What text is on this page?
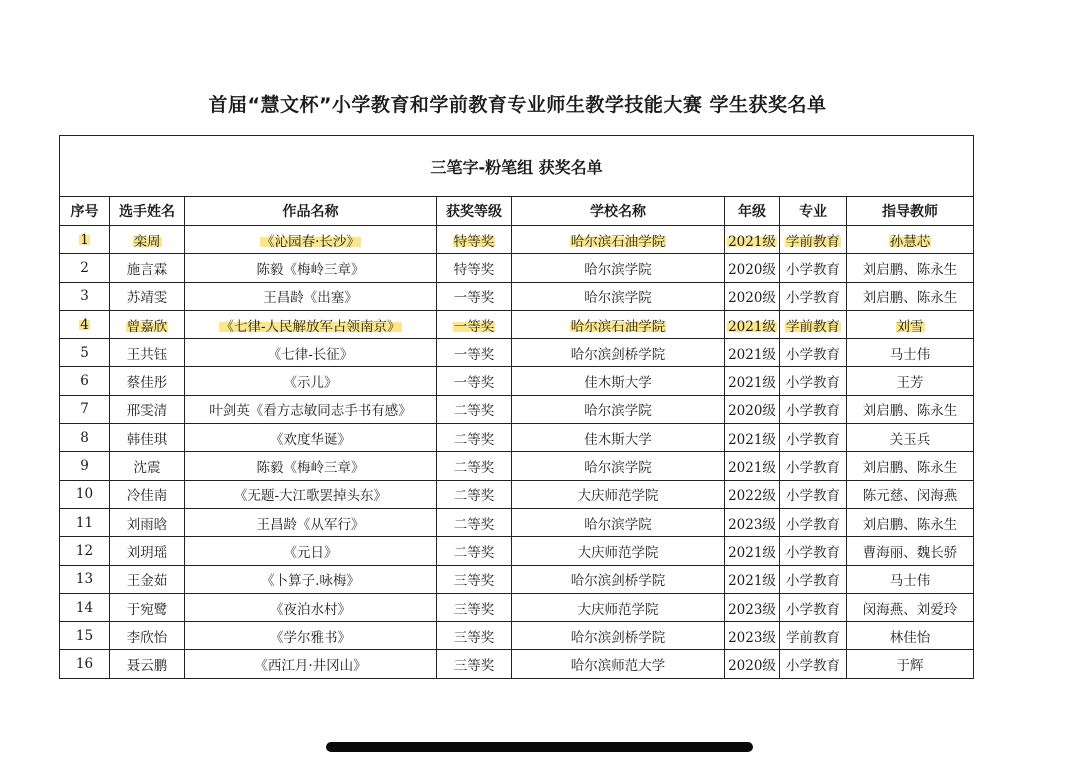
首届“慧文杯”小学教育和学前教育专业师生教学技能大赛 学生获奖名单
三笔字-粉笔组 获奖名单							
序号	选手姓名	作品名称	获奖等级	学校名称	年级	专业	指导教师
1	栾周	《沁园春·长沙》	特等奖	哈尔滨石油学院	2021级	学前教育	孙慧芯
2	施言霖	陈毅《梅岭三章》	特等奖	哈尔滨学院	2020级	小学教育	刘启鹏、陈永生
3	苏靖雯	王昌龄《出塞》	一等奖	哈尔滨学院	2020级	小学教育	刘启鹏、陈永生
4	曾嘉欣	《七律-人民解放军占领南京》	一等奖	哈尔滨石油学院	2021级	学前教育	刘雪
5	王共钰	《七律-长征》	一等奖	哈尔滨剑桥学院	2021级	小学教育	马士伟
6	蔡佳彤	《示儿》	一等奖	佳木斯大学	2021级	小学教育	王芳
7	邢雯清	叶剑英《看方志敏同志手书有感》	二等奖	哈尔滨学院	2020级	小学教育	刘启鹏、陈永生
8	韩佳琪	《欢度华诞》	二等奖	佳木斯大学	2021级	小学教育	关玉兵
9	沈震	陈毅《梅岭三章》	二等奖	哈尔滨学院	2021级	小学教育	刘启鹏、陈永生
10	冷佳南	《无题-大江歌罢掉头东》	二等奖	大庆师范学院	2022级	小学教育	陈元慈、闵海燕
11	刘雨晗	王昌龄《从军行》	二等奖	哈尔滨学院	2023级	小学教育	刘启鹏、陈永生
12	刘玥瑶	《元日》	二等奖	大庆师范学院	2021级	小学教育	曹海丽、魏长骄
13	王金茹	《卜算子.咏梅》	三等奖	哈尔滨剑桥学院	2021级	小学教育	马士伟
14	于宛鹭	《夜泊水村》	三等奖	大庆师范学院	2023级	小学教育	闵海燕、刘爱玲
15	李欣怡	《学尔雅书》	三等奖	哈尔滨剑桥学院	2023级	学前教育	林佳怡
16	聂云鹏	《西江月·井冈山》	三等奖	哈尔滨师范大学	2020级	小学教育	于辉
